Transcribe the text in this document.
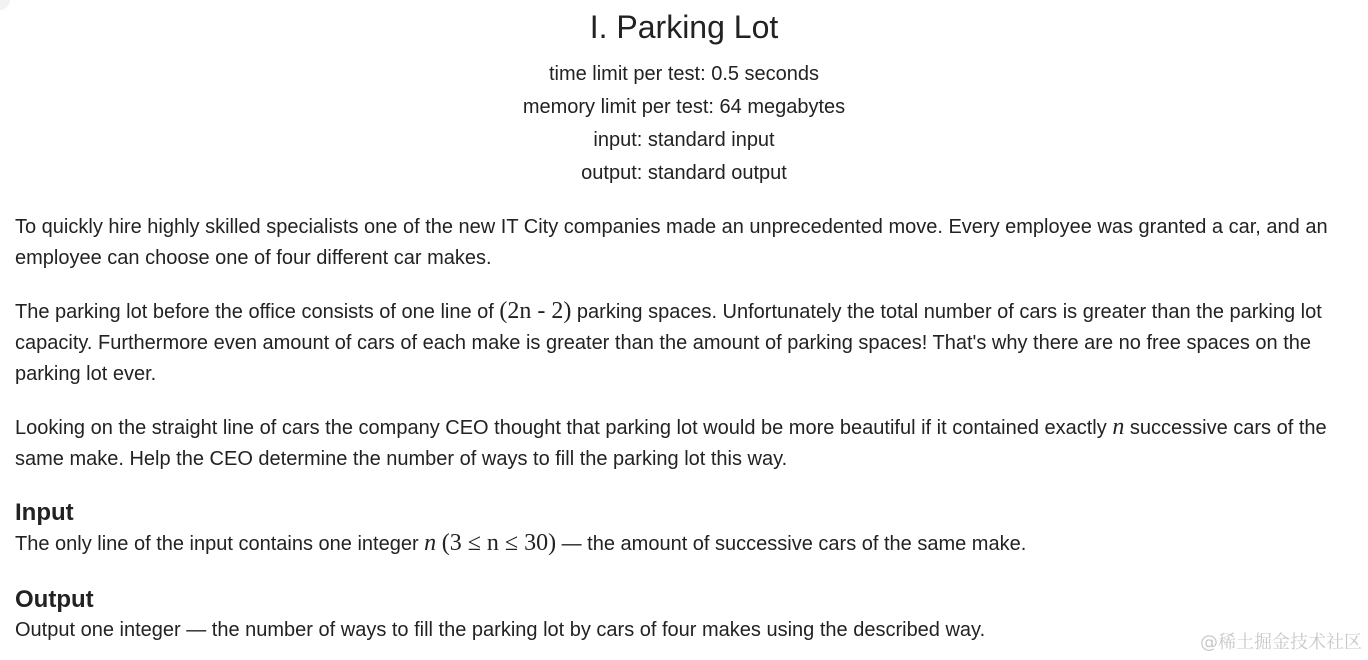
I. Parking Lot
time limit per test: 0.5 seconds
memory limit per test: 64 megabytes
input: standard input
output: standard output

To quickly hire highly skilled specialists one of the new IT City companies made an unprecedented move. Every employee was granted a car, and an employee can choose one of four different car makes.

The parking lot before the office consists of one line of (2n - 2) parking spaces. Unfortunately the total number of cars is greater than the parking lot capacity. Furthermore even amount of cars of each make is greater than the amount of parking spaces! That's why there are no free spaces on the parking lot ever.

Looking on the straight line of cars the company CEO thought that parking lot would be more beautiful if it contained exactly n successive cars of the same make. Help the CEO determine the number of ways to fill the parking lot this way.

Input

The only line of the input contains one integer n (3 ≤ n ≤ 30) — the amount of successive cars of the same make.

Output

Output one integer — the number of ways to fill the parking lot by cars of four makes using the described way.

@稀土掘金技术社区
